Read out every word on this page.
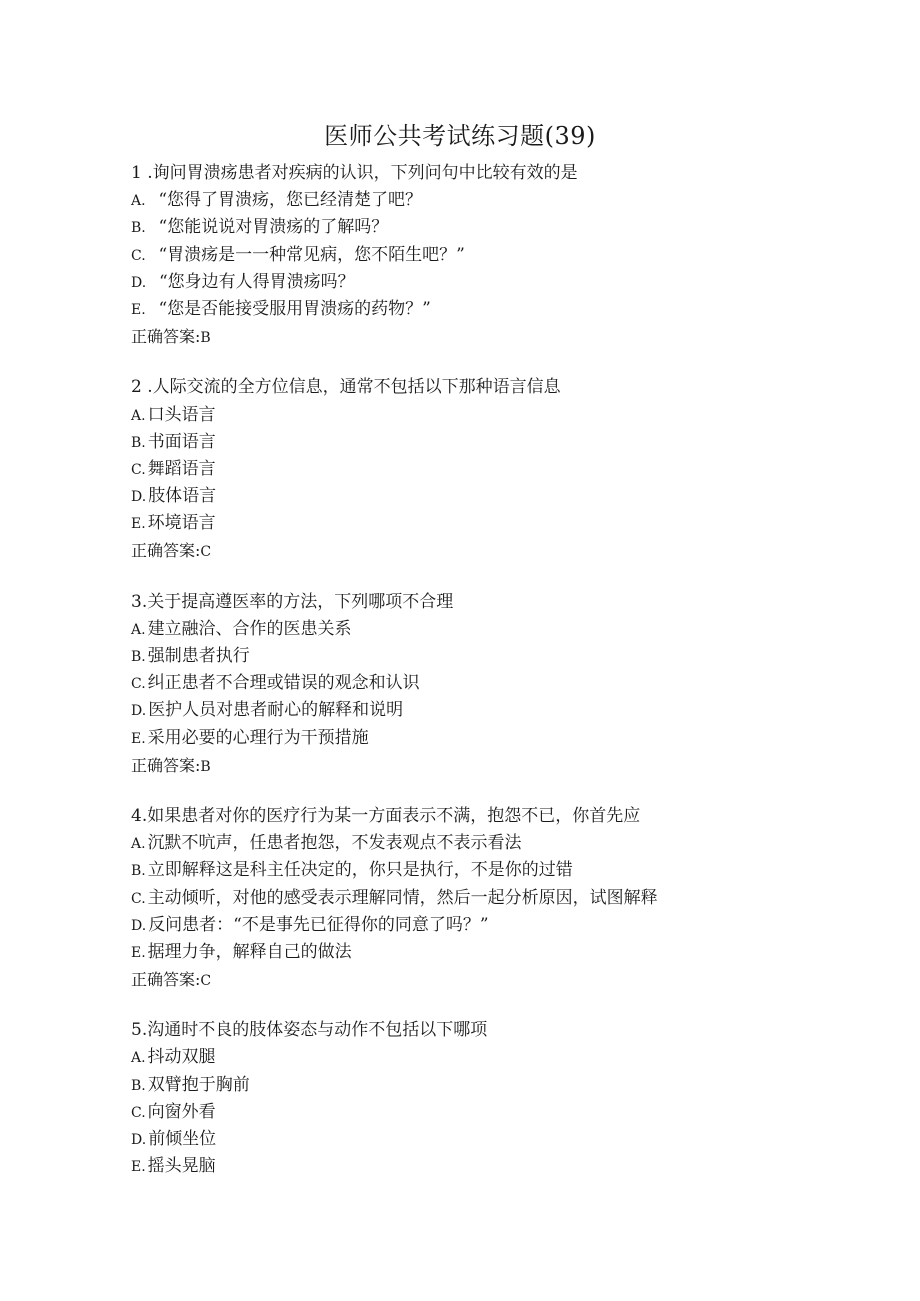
医师公共考试练习题(39)
1 .询问胃溃疡患者对疾病的认识，下列问句中比较有效的是
A.  “您得了胃溃疡，您已经清楚了吧？
B.  “您能说说对胃溃疡的了解吗？
C.  “胃溃疡是一一种常见病，您不陌生吧？”
D.  “您身边有人得胃溃疡吗？
E.  “您是否能接受服用胃溃疡的药物？”
正确答案:B
2 .人际交流的全方位信息，通常不包括以下那种语言信息
A. 口头语言
B. 书面语言
C. 舞蹈语言
D. 肢体语言
E. 环境语言
正确答案:C
3.关于提高遵医率的方法，下列哪项不合理
A. 建立融洽、合作的医患关系
B. 强制患者执行
C. 纠正患者不合理或错误的观念和认识
D. 医护人员对患者耐心的解释和说明
E. 采用必要的心理行为干预措施
正确答案:B
4.如果患者对你的医疗行为某一方面表示不满，抱怨不已，你首先应
A. 沉默不吭声，任患者抱怨，不发表观点不表示看法
B. 立即解释这是科主任决定的，你只是执行，不是你的过错
C. 主动倾听，对他的感受表示理解同情，然后一起分析原因，试图解释
D. 反问患者：“不是事先已征得你的同意了吗？”
E. 据理力争，解释自己的做法
正确答案:C
5.沟通时不良的肢体姿态与动作不包括以下哪项
A. 抖动双腿
B. 双臂抱于胸前
C. 向窗外看
D. 前倾坐位
E. 摇头晃脑
